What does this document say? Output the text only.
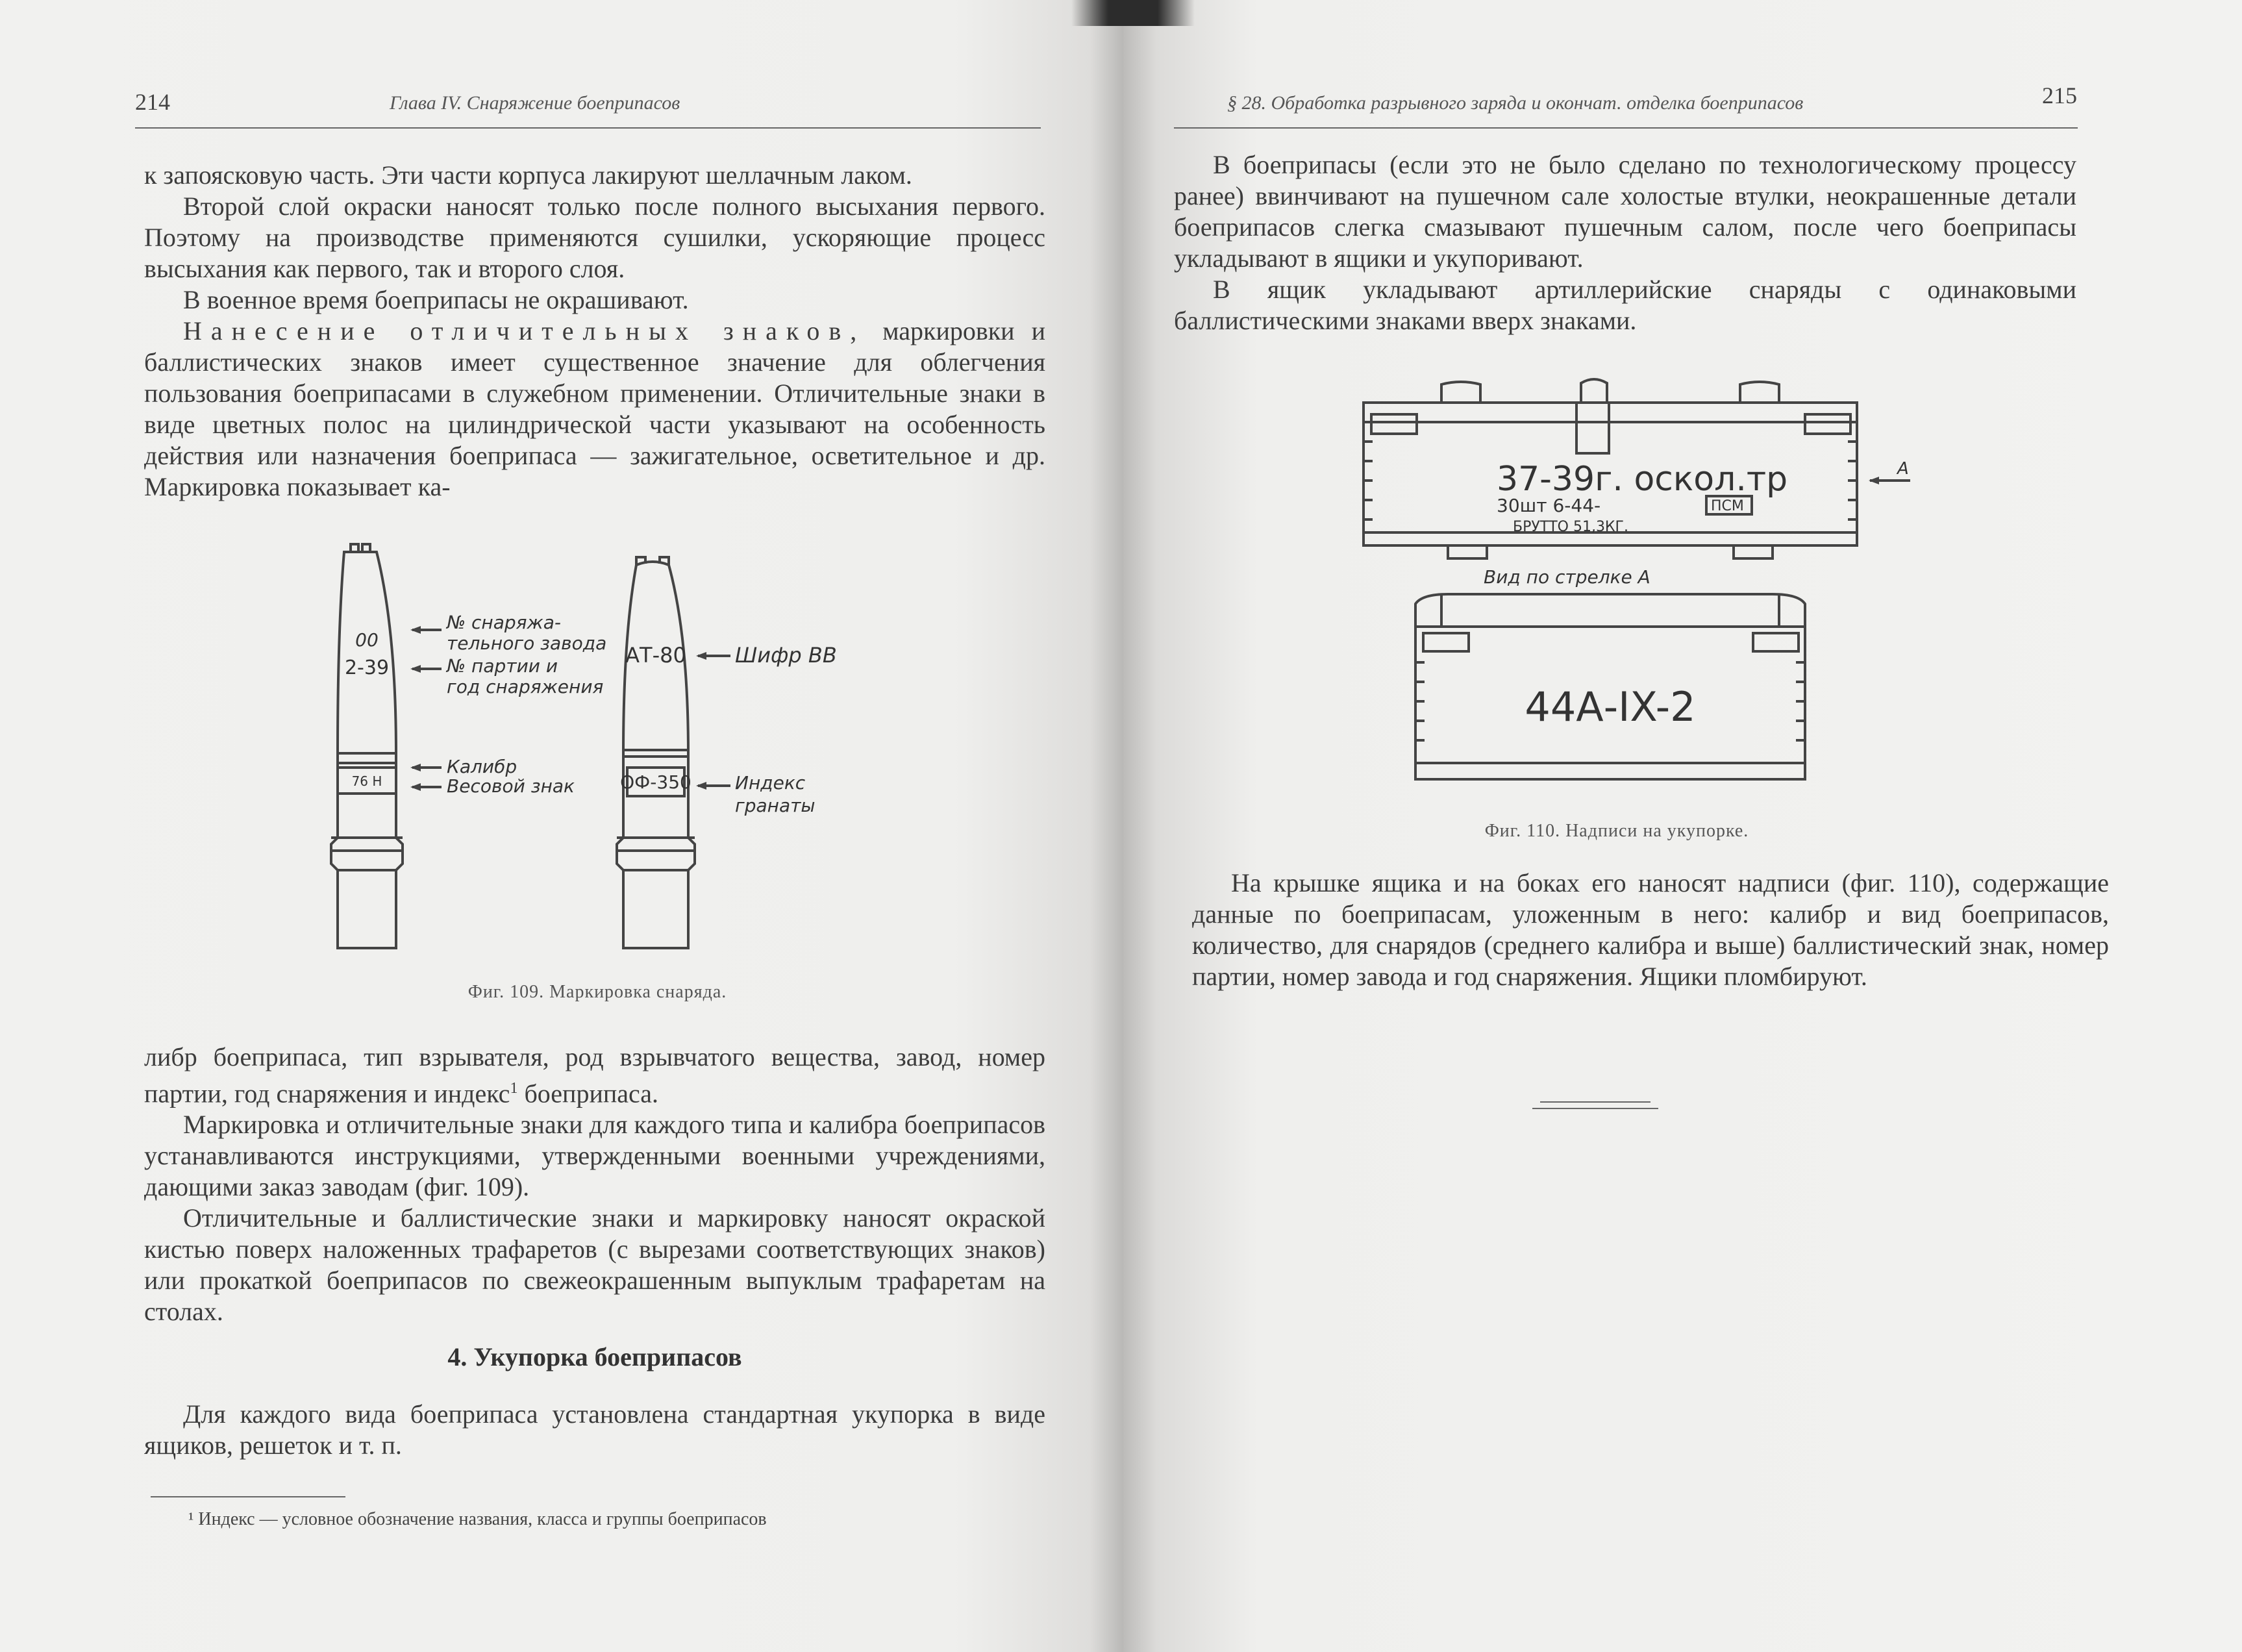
214	Глава IV. Снаряжение боеприпасов

к запоясковую часть. Эти части корпуса лакируют шеллачным лаком.

Второй слой окраски наносят только после полного высыхания первого. Поэтому на производстве применяются сушилки, ускоряющие процесс высыхания как первого, так и второго слоя.

В военное время боеприпасы не окрашивают.

Нанесение отличительных знаков, маркировки и баллистических знаков имеет существенное значение для облегчения пользования боеприпасами в служебном применении. Отличительные знаки в виде цветных полос на цилиндрической части указывают на особенность действия или назначения боеприпаса — зажигательное, осветительное и др. Маркировка показывает ка-

00
2-39
76 Н
АТ-80
ОФ-350
№ снаряжа-
тельного завода
№ партии и
год снаряжения
Калибр
Весовой знак
Шифр ВВ
Индекс
гранаты
Фиг. 109. Маркировка снаряда.

либр боеприпаса, тип взрывателя, род взрывчатого вещества, завод, номер партии, год снаряжения и индекс$^1$ боеприпаса.

Маркировка и отличительные знаки для каждого типа и калибра боеприпасов устанавливаются инструкциями, утвержденными военными учреждениями, дающими заказ заводам (фиг. 109).

Отличительные и баллистические знаки и маркировку наносят окраской кистью поверх наложенных трафаретов (с вырезами соответствующих знаков) или прокаткой боеприпасов по свежеокрашенным выпуклым трафаретам на столах.

4. Укупорка боеприпасов

Для каждого вида боеприпаса установлена стандартная укупорка в виде ящиков, решеток и т. п.

¹ Индекс — условное обозначение названия, класса и группы боеприпасов
§ 28. Обработка разрывного заряда и окончат. отделка боеприпасов	215

В боеприпасы (если это не было сделано по технологическому процессу ранее) ввинчивают на пушечном сале холостые втулки, неокрашенные детали боеприпасов слегка смазывают пушечным салом, после чего боеприпасы укладывают в ящики и укупоривают.

В ящик укладывают артиллерийские снаряды с одинаковыми баллистическими знаками вверх знаками.

А
37-39г. оскол.тр
30шт 6-44-	ПСМ
БРУТТО 51,3КГ.
Вид по стрелке А
44А-IX-2
Фиг. 110. Надписи на укупорке.

На крышке ящика и на боках его наносят надписи (фиг. 110), содержащие данные по боеприпасам, уложенным в него: калибр и вид боеприпасов, количество, для снарядов (среднего калибра и выше) баллистический знак, номер партии, номер завода и год снаряжения. Ящики пломбируют.
